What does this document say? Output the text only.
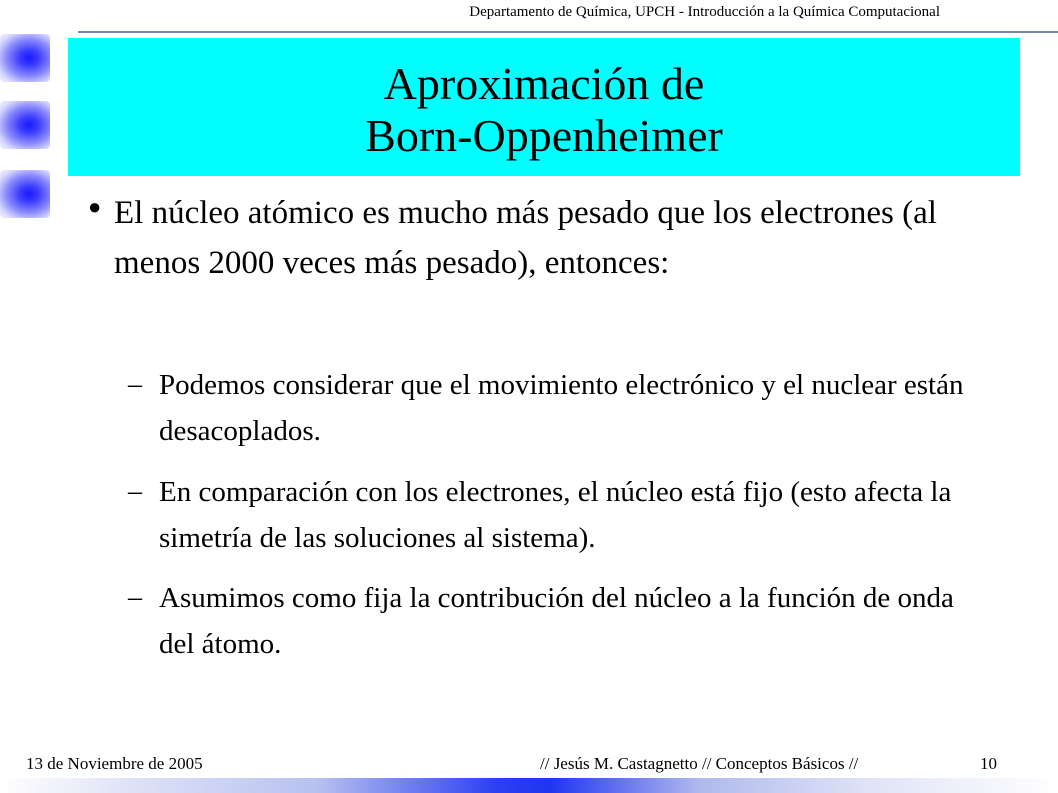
Departamento de Química, UPCH - Introducción a la Química Computacional
Aproximación de
Born-Oppenheimer
● El núcleo atómico es mucho más pesado que los electrones (al menos 2000 veces más pesado), entonces:
– Podemos considerar que el movimiento electrónico y el nuclear están desacoplados.
– En comparación con los electrones, el núcleo está fijo (esto afecta la simetría de las soluciones al sistema).
– Asumimos como fija la contribución del núcleo a la función de onda del átomo.
13 de Noviembre de 2005	// Jesús M. Castagnetto // Conceptos Básicos //	10
